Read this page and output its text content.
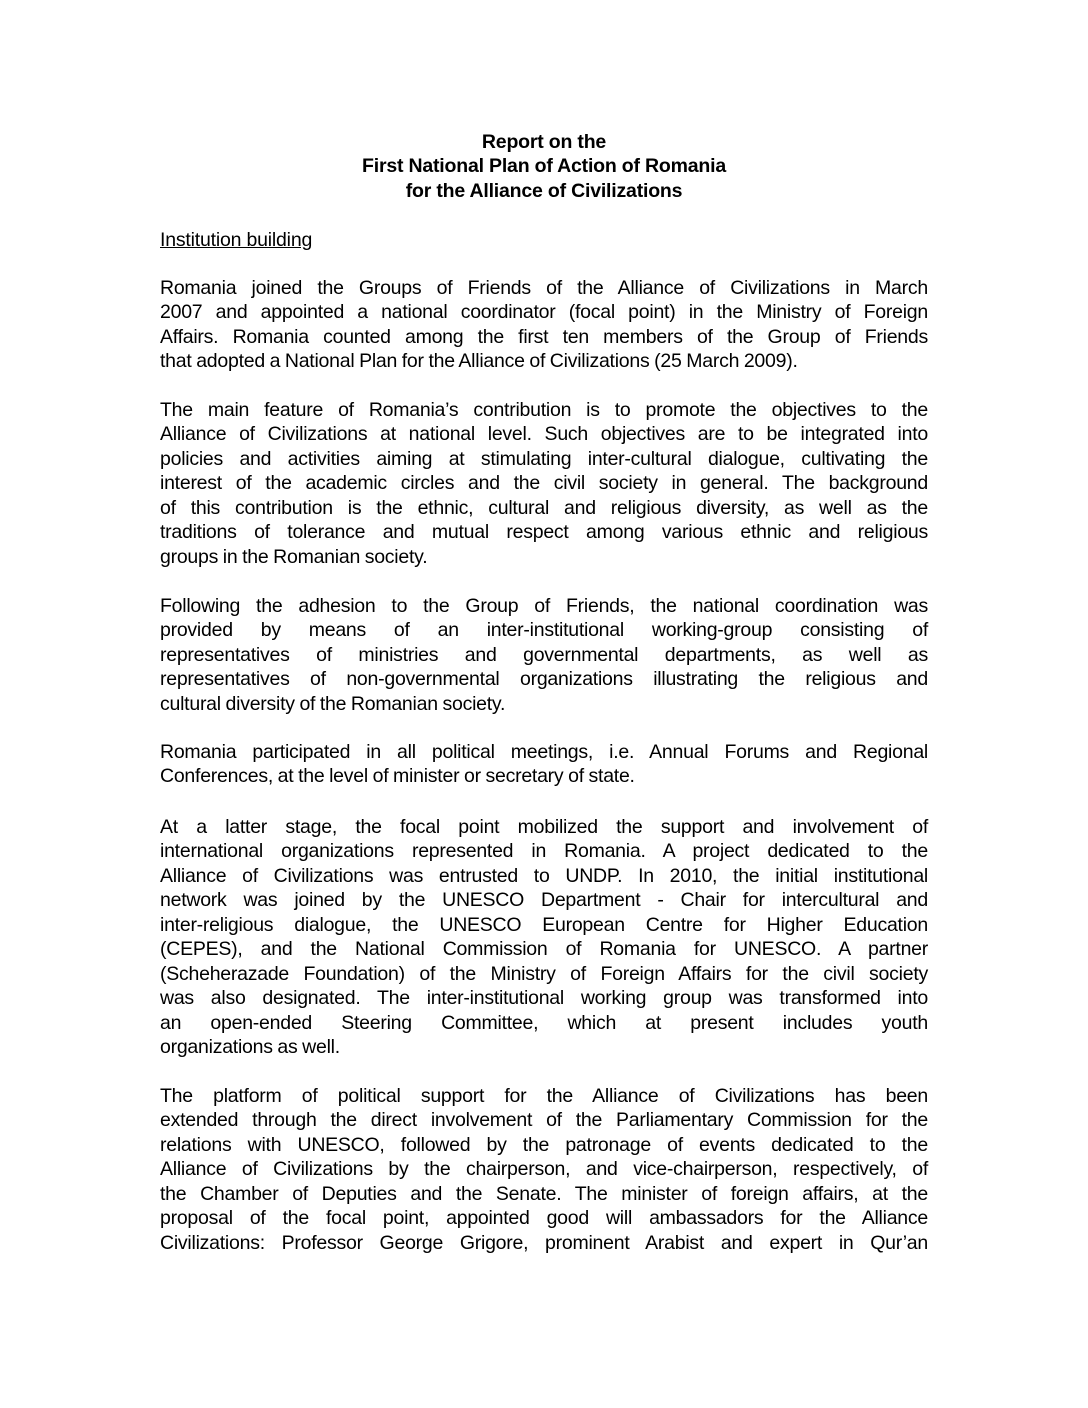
Report on the
First National Plan of Action of Romania
for the Alliance of Civilizations
Institution building

Romania joined the Groups of Friends of the Alliance of Civilizations in March
2007 and appointed a national coordinator (focal point) in the Ministry of Foreign
Affairs. Romania counted among the first ten members of the Group of Friends
that adopted a National Plan for the Alliance of Civilizations (25 March 2009).

The main feature of Romania’s contribution is to promote the objectives to the
Alliance of Civilizations at national level. Such objectives are to be integrated into
policies and activities aiming at stimulating inter-cultural dialogue, cultivating the
interest of the academic circles and the civil society in general. The background
of this contribution is the ethnic, cultural and religious diversity, as well as the
traditions of tolerance and mutual respect among various ethnic and religious
groups in the Romanian society.

Following the adhesion to the Group of Friends, the national coordination was
provided by means of an inter-institutional working-group consisting of
representatives of ministries and governmental departments, as well as
representatives of non-governmental organizations illustrating the religious and
cultural diversity of the Romanian society.

Romania participated in all political meetings, i.e. Annual Forums and Regional
Conferences, at the level of minister or secretary of state.

At a latter stage, the focal point mobilized the support and involvement of
international organizations represented in Romania. A project dedicated to the
Alliance of Civilizations was entrusted to UNDP. In 2010, the initial institutional
network was joined by the UNESCO Department - Chair for intercultural and
inter-religious dialogue, the UNESCO European Centre for Higher Education
(CEPES), and the National Commission of Romania for UNESCO. A partner
(Scheherazade Foundation) of the Ministry of Foreign Affairs for the civil society
was also designated. The inter-institutional working group was transformed into
an open-ended Steering Committee, which at present includes youth
organizations as well.

The platform of political support for the Alliance of Civilizations has been
extended through the direct involvement of the Parliamentary Commission for the
relations with UNESCO, followed by the patronage of events dedicated to the
Alliance of Civilizations by the chairperson, and vice-chairperson, respectively, of
the Chamber of Deputies and the Senate. The minister of foreign affairs, at the
proposal of the focal point, appointed good will ambassadors for the Alliance
Civilizations: Professor George Grigore, prominent Arabist and expert in Qur’an
